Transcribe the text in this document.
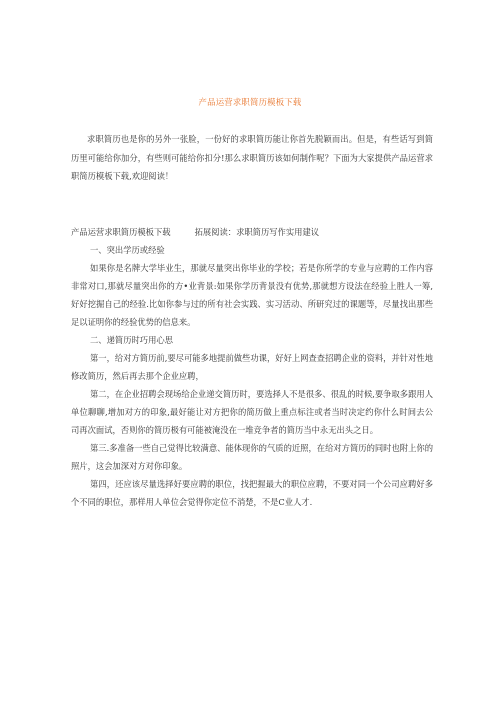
产品运营求职简历模板下载
求职简历也是你的另外一张脸，一份好的求职简历能让你首先脱颖而出。但是，有些话写到简历里可能给你加分，有些则可能给你扣分!那么求职简历该如何制作呢？下面为大家提供产品运营求职简历模板下载,欢迎阅读！
产品运营求职简历模板下载	拓展阅读：求职简历写作实用建议

一、突出学历或经验

如果你是名牌大学毕业生，那就尽量突出你毕业的学校；若是你所学的专业与应聘的工作内容非常对口,那就尽量突出你的方•业背景:如果你学历背景没有优势,那就想方设法在经验上胜人一筹,好好挖掘自己的经验.比如你参与过的所有社会实践、实习活动、所研究过的课题等，尽量找出那些足以证明你的经验优势的信息来。

二、递简历时巧用心思

第一，给对方简历前,要尽可能多地提前做些功课，好好上网查查招聘企业的资料，并针对性地修改简历，然后再去那个企业应聘，

第二，在企业招聘会现场给企业递交简历时，要选择人不是很多、很乱的时候,要争取多跟用人单位聊聊,增加对方的印象,最好能让对方把你的简历做上重点标注或者当时决定约你什么时间去公司再次面试，否则你的简历极有可能被淹没在一堆竞争者的简历当中永无出头之日。

第三.多准备一些自己觉得比较满意、能体现你的气质的近照，在给对方简历的同时也附上你的照片，这会加深对方对你印象。

第四，还应该尽量选择好要应聘的职位，找把握最大的职位应聘，不要对同一个公司应聘好多个不同的职位，那样用人单位会觉得你定位不消楚，不是C业人才.
